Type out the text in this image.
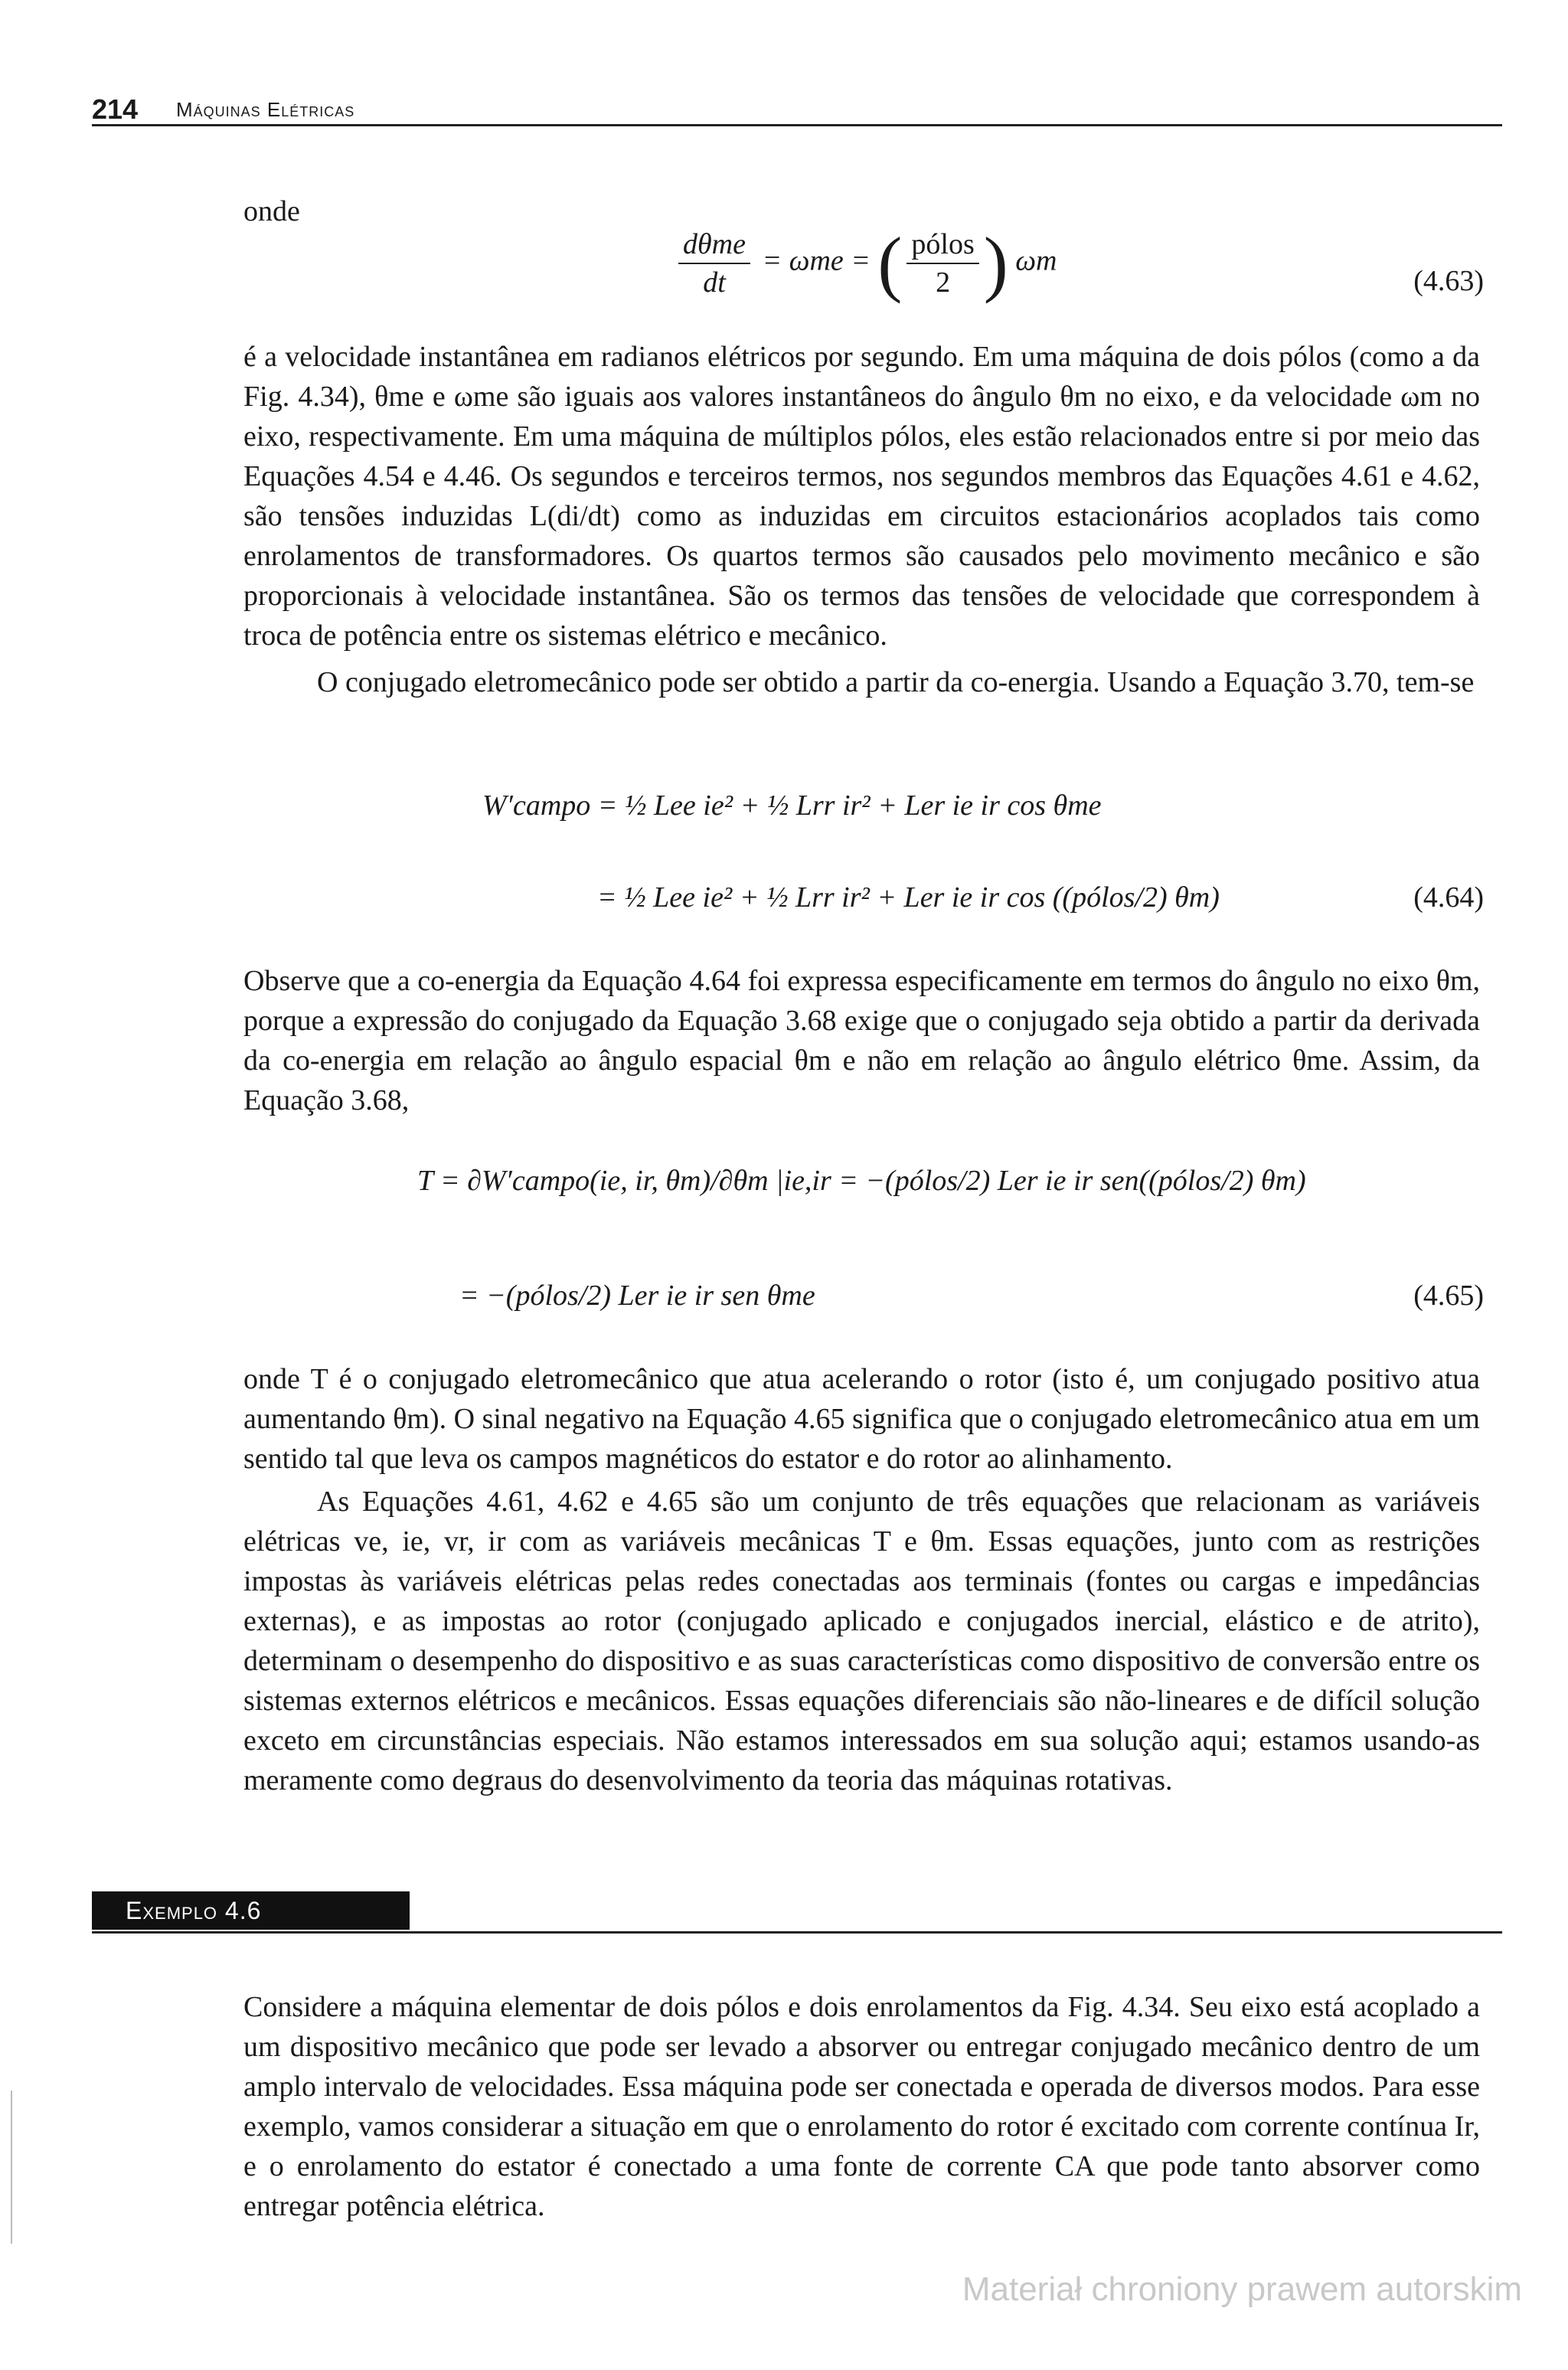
214 Máquinas Elétricas

onde

$\frac{\text{dθme}}{dt} = \omega me$ = ( $\frac{\text{pólos}}{2}$ ) ωm
(4.63)

é a velocidade instantânea em radianos elétricos por segundo. Em uma máquina de dois pólos (como a da Fig. 4.34), θme e ωme são iguais aos valores instantâneos do ângulo θm no eixo, e da velocidade ωm no eixo, respectivamente. Em uma máquina de múltiplos pólos, eles estão relacionados entre si por meio das Equações 4.54 e 4.46. Os segundos e terceiros termos, nos segundos membros das Equações 4.61 e 4.62, são tensões induzidas L(di/dt) como as induzidas em circuitos estacionários acoplados tais como enrolamentos de transformadores. Os quartos termos são causados pelo movimento mecânico e são proporcionais à velocidade instantânea. São os termos das tensões de velocidade que correspondem à troca de potência entre os sistemas elétrico e mecânico.

O conjugado eletromecânico pode ser obtido a partir da co-energia. Usando a Equação 3.70, tem-se

W′campo = ½ Lee ie² + ½ Lrr ir² + Ler ie ir cos θme
= ½ Lee ie² + ½ Lrr ir² + Ler ie ir cos ((pólos/2) θm)	(4.64)

Observe que a co-energia da Equação 4.64 foi expressa especificamente em termos do ângulo no eixo θm, porque a expressão do conjugado da Equação 3.68 exige que o conjugado seja obtido a partir da derivada da co-energia em relação ao ângulo espacial θm e não em relação ao ângulo elétrico θme. Assim, da Equação 3.68,

T = ∂W′campo(ie, ir, θm)/∂θm |ie,ir = −(pólos/2) Ler ie ir sen((pólos/2) θm)
= −(pólos/2) Ler ie ir sen θme	(4.65)

onde T é o conjugado eletromecânico que atua acelerando o rotor (isto é, um conjugado positivo atua aumentando θm). O sinal negativo na Equação 4.65 significa que o conjugado eletromecânico atua em um sentido tal que leva os campos magnéticos do estator e do rotor ao alinhamento.

As Equações 4.61, 4.62 e 4.65 são um conjunto de três equações que relacionam as variáveis elétricas ve, ie, vr, ir com as variáveis mecânicas T e θm. Essas equações, junto com as restrições impostas às variáveis elétricas pelas redes conectadas aos terminais (fontes ou cargas e impedâncias externas), e as impostas ao rotor (conjugado aplicado e conjugados inercial, elástico e de atrito), determinam o desempenho do dispositivo e as suas características como dispositivo de conversão entre os sistemas externos elétricos e mecânicos. Essas equações diferenciais são não-lineares e de difícil solução exceto em circunstâncias especiais. Não estamos interessados em sua solução aqui; estamos usando-as meramente como degraus do desenvolvimento da teoria das máquinas rotativas.

Exemplo 4.6

Considere a máquina elementar de dois pólos e dois enrolamentos da Fig. 4.34. Seu eixo está acoplado a um dispositivo mecânico que pode ser levado a absorver ou entregar conjugado mecânico dentro de um amplo intervalo de velocidades. Essa máquina pode ser conectada e operada de diversos modos. Para esse exemplo, vamos considerar a situação em que o enrolamento do rotor é excitado com corrente contínua Ir, e o enrolamento do estator é conectado a uma fonte de corrente CA que pode tanto absorver como entregar potência elétrica.

Materiał chroniony prawem autorskim
